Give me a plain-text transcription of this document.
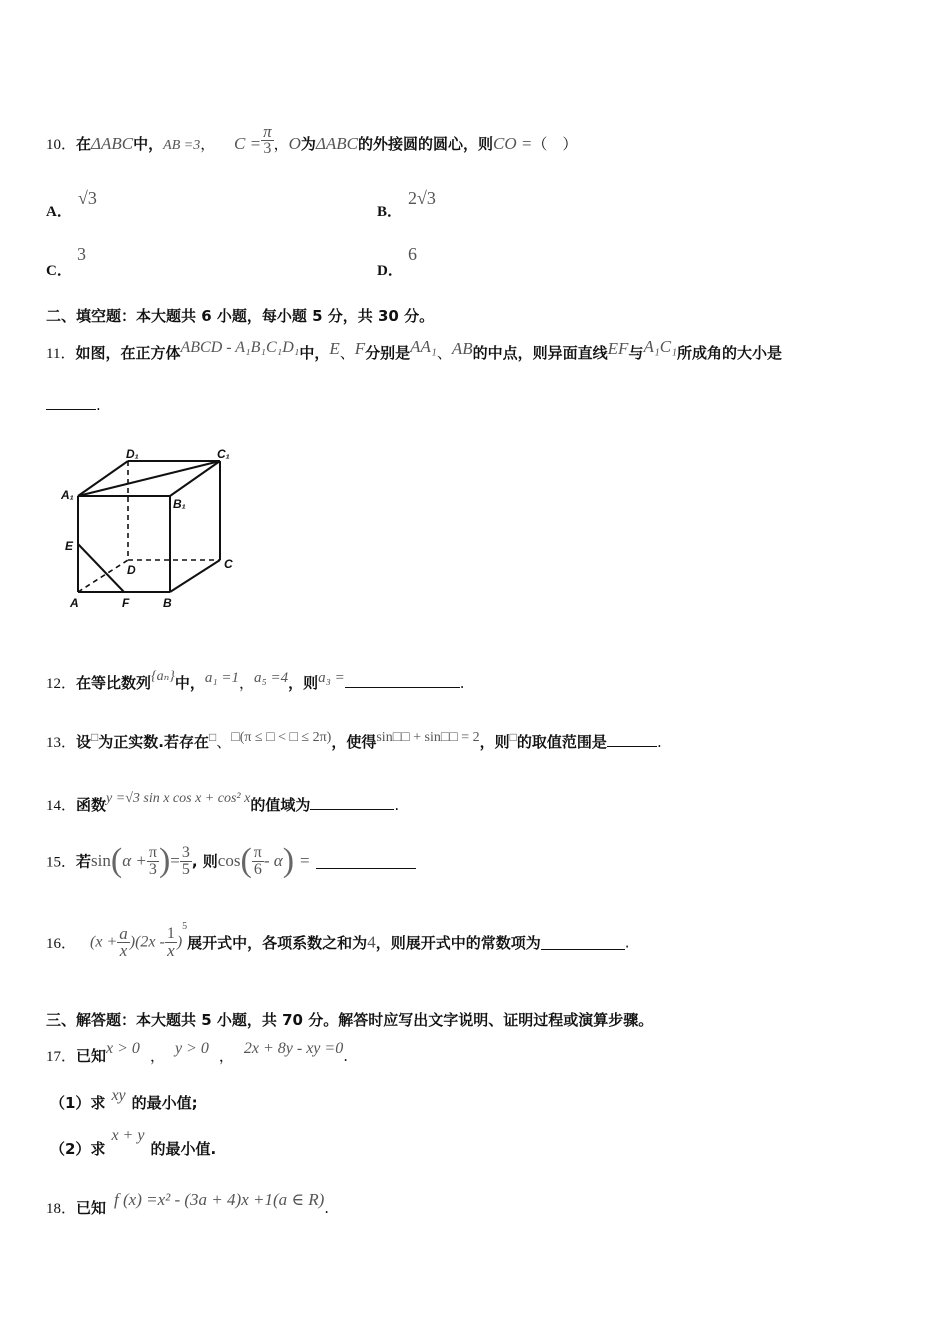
10．在ΔABC中，AB =3， $C = \frac{\pi}{3}$ ，O为ΔABC的外接圆的圆心，则CO =（　）
A．
√3
B．
2√3
C．
3
D．
6
二、填空题：本大题共 6 小题，每小题 5 分，共 30 分。
11．如图，在正方体ABCD - A₁B₁C₁D₁中，E、F分别是AA₁、AB的中点，则异面直线EF与A₁C₁所成角的大小是
.
D₁	C₁
A₁
B₁
E
D	C
A	F	B
12．在等比数列{aₙ}中，a₁ =1，a₅ =4，则a₃ =	.
13．设□为正实数.若存在□、□(π ≤ □ < □ ≤ 2π)，使得sin□□ + sin□□ = 2，则□的取值范围是	.
14．函数y =√3 sin x cos x + cos² x的值域为	.
15．若$\sin(\alpha + \frac{\pi}{3}$ )= $\frac{3}{5}$ , 则$\cos( \frac{\pi}{6} - \alpha)$ =
16． $(x + \frac{a}{x} )(2x - \frac{1}{x} )^5$展开式中，各项系数之和为4，则展开式中的常数项为	.
三、解答题：本大题共 5 小题，共 70 分。解答时应写出文字说明、证明过程或演算步骤。
17．已知x > 0 ， y > 0 ， 2x + 8y - xy =0.
（1）求 xy 的最小值;
（2）求x + y的最小值.
18．已知 f (x) =x² - (3a + 4)x +1(a ∈ R).
